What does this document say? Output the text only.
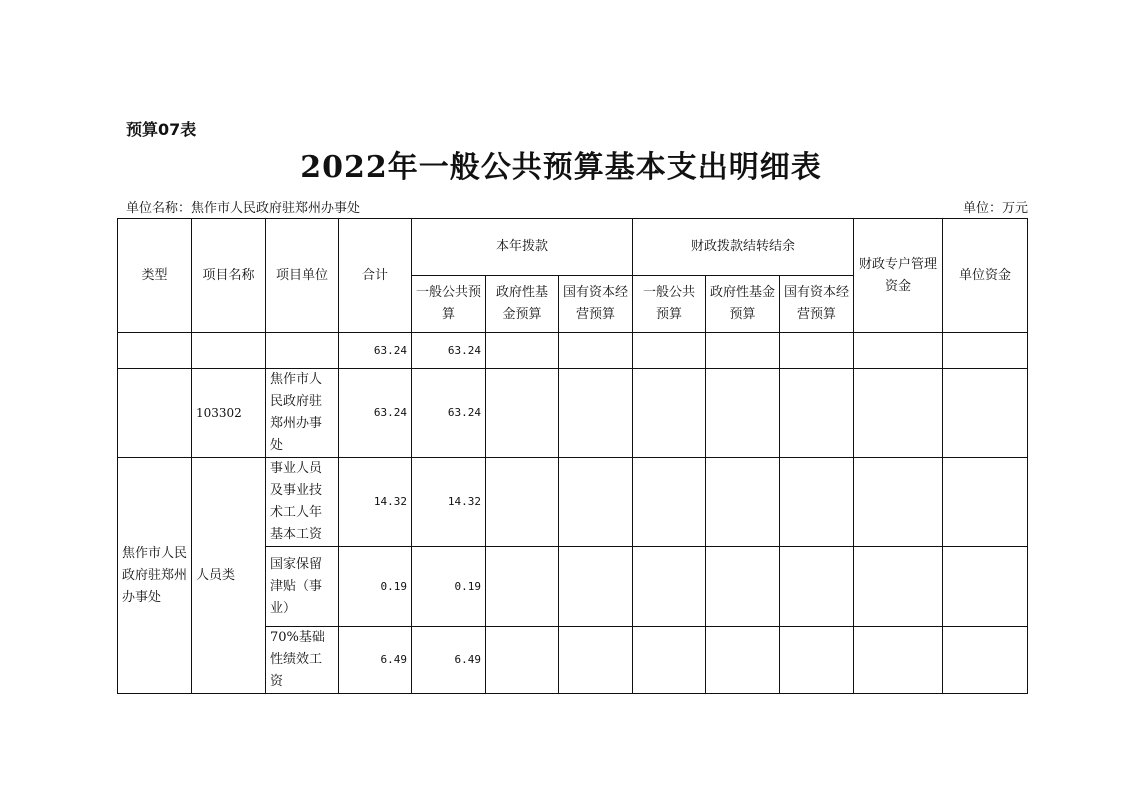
预算07表
2022年一般公共预算基本支出明细表
单位名称：焦作市人民政府驻郑州办事处	单位：万元
类型	项目名称	项目单位	合计	本年拨款			财政拨款结转结余			财政专户管理资金	单位资金
				一般公共预算	政府性基金预算	国有资本经营预算	一般公共预算	政府性基金预算	国有资本经营预算		
			63.24	63.24							
	103302	焦作市人民政府驻郑州办事处	63.24	63.24							
焦作市人民政府驻郑州办事处	人员类	事业人员及事业技术工人年基本工资	14.32	14.32							
		国家保留津贴（事业）	0.19	0.19							
		70%基础性绩效工资	6.49	6.49							
